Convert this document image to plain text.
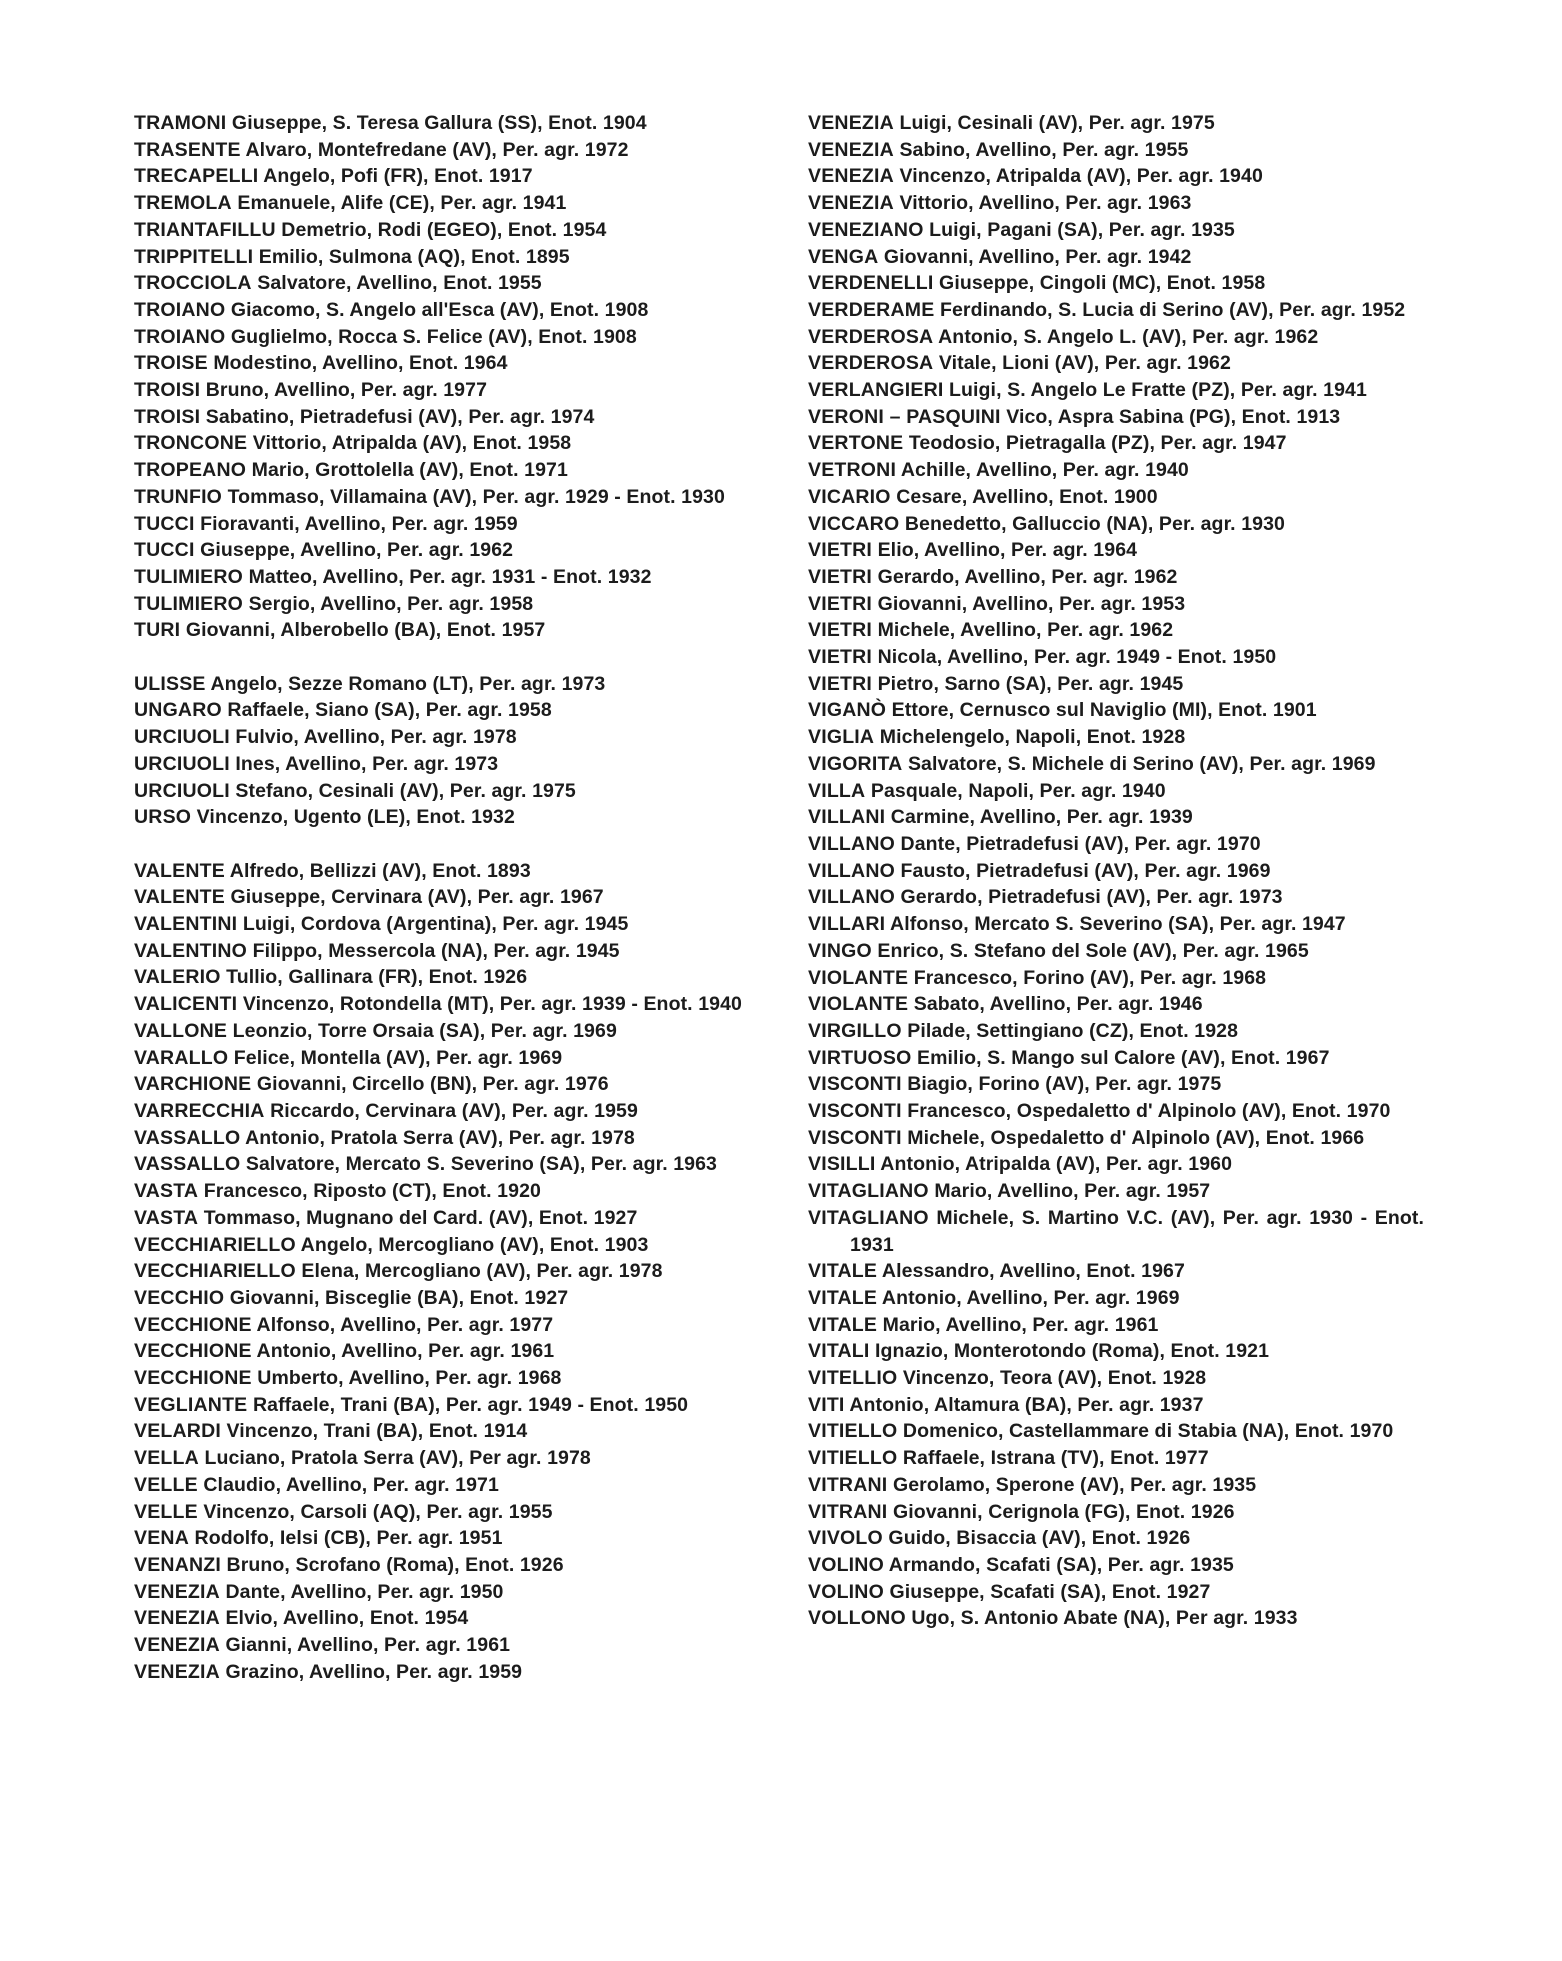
TRAMONI Giuseppe, S. Teresa Gallura (SS), Enot. 1904
TRASENTE Alvaro, Montefredane (AV), Per. agr. 1972
TRECAPELLI Angelo, Pofi (FR), Enot. 1917
TREMOLA Emanuele, Alife (CE), Per. agr. 1941
TRIANTAFILLU Demetrio, Rodi (EGEO), Enot. 1954
TRIPPITELLI Emilio, Sulmona (AQ), Enot. 1895
TROCCIOLA Salvatore, Avellino, Enot. 1955
TROIANO Giacomo, S. Angelo all'Esca (AV), Enot. 1908
TROIANO Guglielmo, Rocca S. Felice (AV), Enot. 1908
TROISE Modestino, Avellino, Enot. 1964
TROISI Bruno, Avellino, Per. agr. 1977
TROISI Sabatino, Pietradefusi (AV), Per. agr. 1974
TRONCONE Vittorio, Atripalda (AV), Enot. 1958
TROPEANO Mario, Grottolella (AV), Enot. 1971
TRUNFIO Tommaso, Villamaina (AV), Per. agr. 1929 - Enot. 1930
TUCCI Fioravanti, Avellino, Per. agr. 1959
TUCCI Giuseppe, Avellino, Per. agr. 1962
TULIMIERO Matteo, Avellino, Per. agr. 1931 - Enot. 1932
TULIMIERO Sergio, Avellino, Per. agr. 1958
TURI Giovanni, Alberobello (BA), Enot. 1957
ULISSE Angelo, Sezze Romano (LT), Per. agr. 1973
UNGARO Raffaele, Siano (SA), Per. agr. 1958
URCIUOLI Fulvio, Avellino, Per. agr. 1978
URCIUOLI Ines, Avellino, Per. agr. 1973
URCIUOLI Stefano, Cesinali (AV), Per. agr. 1975
URSO Vincenzo, Ugento (LE), Enot. 1932
VALENTE Alfredo, Bellizzi (AV), Enot. 1893
VALENTE Giuseppe, Cervinara (AV), Per. agr. 1967
VALENTINI Luigi, Cordova (Argentina), Per. agr. 1945
VALENTINO Filippo, Messercola (NA), Per. agr. 1945
VALERIO Tullio, Gallinara (FR), Enot. 1926
VALICENTI Vincenzo, Rotondella (MT), Per. agr. 1939 - Enot. 1940
VALLONE Leonzio, Torre Orsaia (SA), Per. agr. 1969
VARALLO Felice, Montella (AV), Per. agr. 1969
VARCHIONE Giovanni, Circello (BN), Per. agr. 1976
VARRECCHIA Riccardo, Cervinara (AV), Per. agr. 1959
VASSALLO Antonio, Pratola Serra (AV), Per. agr. 1978
VASSALLO Salvatore, Mercato S. Severino (SA), Per. agr. 1963
VASTA Francesco, Riposto (CT), Enot. 1920
VASTA Tommaso, Mugnano del Card. (AV), Enot. 1927
VECCHIARIELLO Angelo, Mercogliano (AV), Enot. 1903
VECCHIARIELLO Elena, Mercogliano (AV), Per. agr. 1978
VECCHIO Giovanni, Bisceglie (BA), Enot. 1927
VECCHIONE Alfonso, Avellino, Per. agr. 1977
VECCHIONE Antonio, Avellino, Per. agr. 1961
VECCHIONE Umberto, Avellino, Per. agr. 1968
VEGLIANTE Raffaele, Trani (BA), Per. agr. 1949 - Enot. 1950
VELARDI Vincenzo, Trani (BA), Enot. 1914
VELLA Luciano, Pratola Serra (AV), Per agr. 1978
VELLE Claudio, Avellino, Per. agr. 1971
VELLE Vincenzo, Carsoli (AQ), Per. agr. 1955
VENA Rodolfo, Ielsi (CB), Per. agr. 1951
VENANZI Bruno, Scrofano (Roma), Enot. 1926
VENEZIA Dante, Avellino, Per. agr. 1950
VENEZIA Elvio, Avellino, Enot. 1954
VENEZIA Gianni, Avellino, Per. agr. 1961
VENEZIA Grazino, Avellino, Per. agr. 1959
VENEZIA Luigi, Cesinali (AV), Per. agr. 1975
VENEZIA Sabino, Avellino, Per. agr. 1955
VENEZIA Vincenzo, Atripalda (AV), Per. agr. 1940
VENEZIA Vittorio, Avellino, Per. agr. 1963
VENEZIANO Luigi, Pagani (SA), Per. agr. 1935
VENGA Giovanni, Avellino, Per. agr. 1942
VERDENELLI Giuseppe, Cingoli (MC), Enot. 1958
VERDERAME Ferdinando, S. Lucia di Serino (AV), Per. agr. 1952
VERDEROSA Antonio, S. Angelo L. (AV), Per. agr. 1962
VERDEROSA Vitale, Lioni (AV), Per. agr. 1962
VERLANGIERI Luigi, S. Angelo Le Fratte (PZ), Per. agr. 1941
VERONI – PASQUINI Vico, Aspra Sabina (PG), Enot. 1913
VERTONE Teodosio, Pietragalla (PZ), Per. agr. 1947
VETRONI Achille, Avellino, Per. agr. 1940
VICARIO Cesare, Avellino, Enot. 1900
VICCARO Benedetto, Galluccio (NA), Per. agr. 1930
VIETRI Elio, Avellino, Per. agr. 1964
VIETRI Gerardo, Avellino, Per. agr. 1962
VIETRI Giovanni, Avellino, Per. agr. 1953
VIETRI Michele, Avellino, Per. agr. 1962
VIETRI Nicola, Avellino, Per. agr. 1949 - Enot. 1950
VIETRI Pietro, Sarno (SA), Per. agr. 1945
VIGANÒ Ettore, Cernusco sul Naviglio (MI), Enot. 1901
VIGLIA Michelengelo, Napoli, Enot. 1928
VIGORITA Salvatore, S. Michele di Serino (AV), Per. agr. 1969
VILLA Pasquale, Napoli, Per. agr. 1940
VILLANI Carmine, Avellino, Per. agr. 1939
VILLANO Dante, Pietradefusi (AV), Per. agr. 1970
VILLANO Fausto, Pietradefusi (AV), Per. agr. 1969
VILLANO Gerardo, Pietradefusi (AV), Per. agr. 1973
VILLARI Alfonso, Mercato S. Severino (SA), Per. agr. 1947
VINGO Enrico, S. Stefano del Sole (AV), Per. agr. 1965
VIOLANTE Francesco, Forino (AV), Per. agr. 1968
VIOLANTE Sabato, Avellino, Per. agr. 1946
VIRGILLO Pilade, Settingiano (CZ), Enot. 1928
VIRTUOSO Emilio, S. Mango sul Calore (AV), Enot. 1967
VISCONTI Biagio, Forino (AV), Per. agr. 1975
VISCONTI Francesco, Ospedaletto d' Alpinolo (AV), Enot. 1970
VISCONTI Michele, Ospedaletto d' Alpinolo (AV), Enot. 1966
VISILLI Antonio, Atripalda (AV), Per. agr. 1960
VITAGLIANO Mario, Avellino, Per. agr. 1957
VITAGLIANO Michele, S. Martino V.C. (AV), Per. agr. 1930 - Enot. 1931
VITALE Alessandro, Avellino, Enot. 1967
VITALE Antonio, Avellino, Per. agr. 1969
VITALE Mario, Avellino, Per. agr. 1961
VITALI Ignazio, Monterotondo (Roma), Enot. 1921
VITELLIO Vincenzo, Teora (AV), Enot. 1928
VITI Antonio, Altamura (BA), Per. agr. 1937
VITIELLO Domenico, Castellammare di Stabia (NA), Enot. 1970
VITIELLO Raffaele, Istrana (TV), Enot. 1977
VITRANI Gerolamo, Sperone (AV), Per. agr. 1935
VITRANI Giovanni, Cerignola (FG), Enot. 1926
VIVOLO Guido, Bisaccia (AV), Enot. 1926
VOLINO Armando, Scafati (SA), Per. agr. 1935
VOLINO Giuseppe, Scafati (SA), Enot. 1927
VOLLONO Ugo, S. Antonio Abate (NA), Per agr. 1933
